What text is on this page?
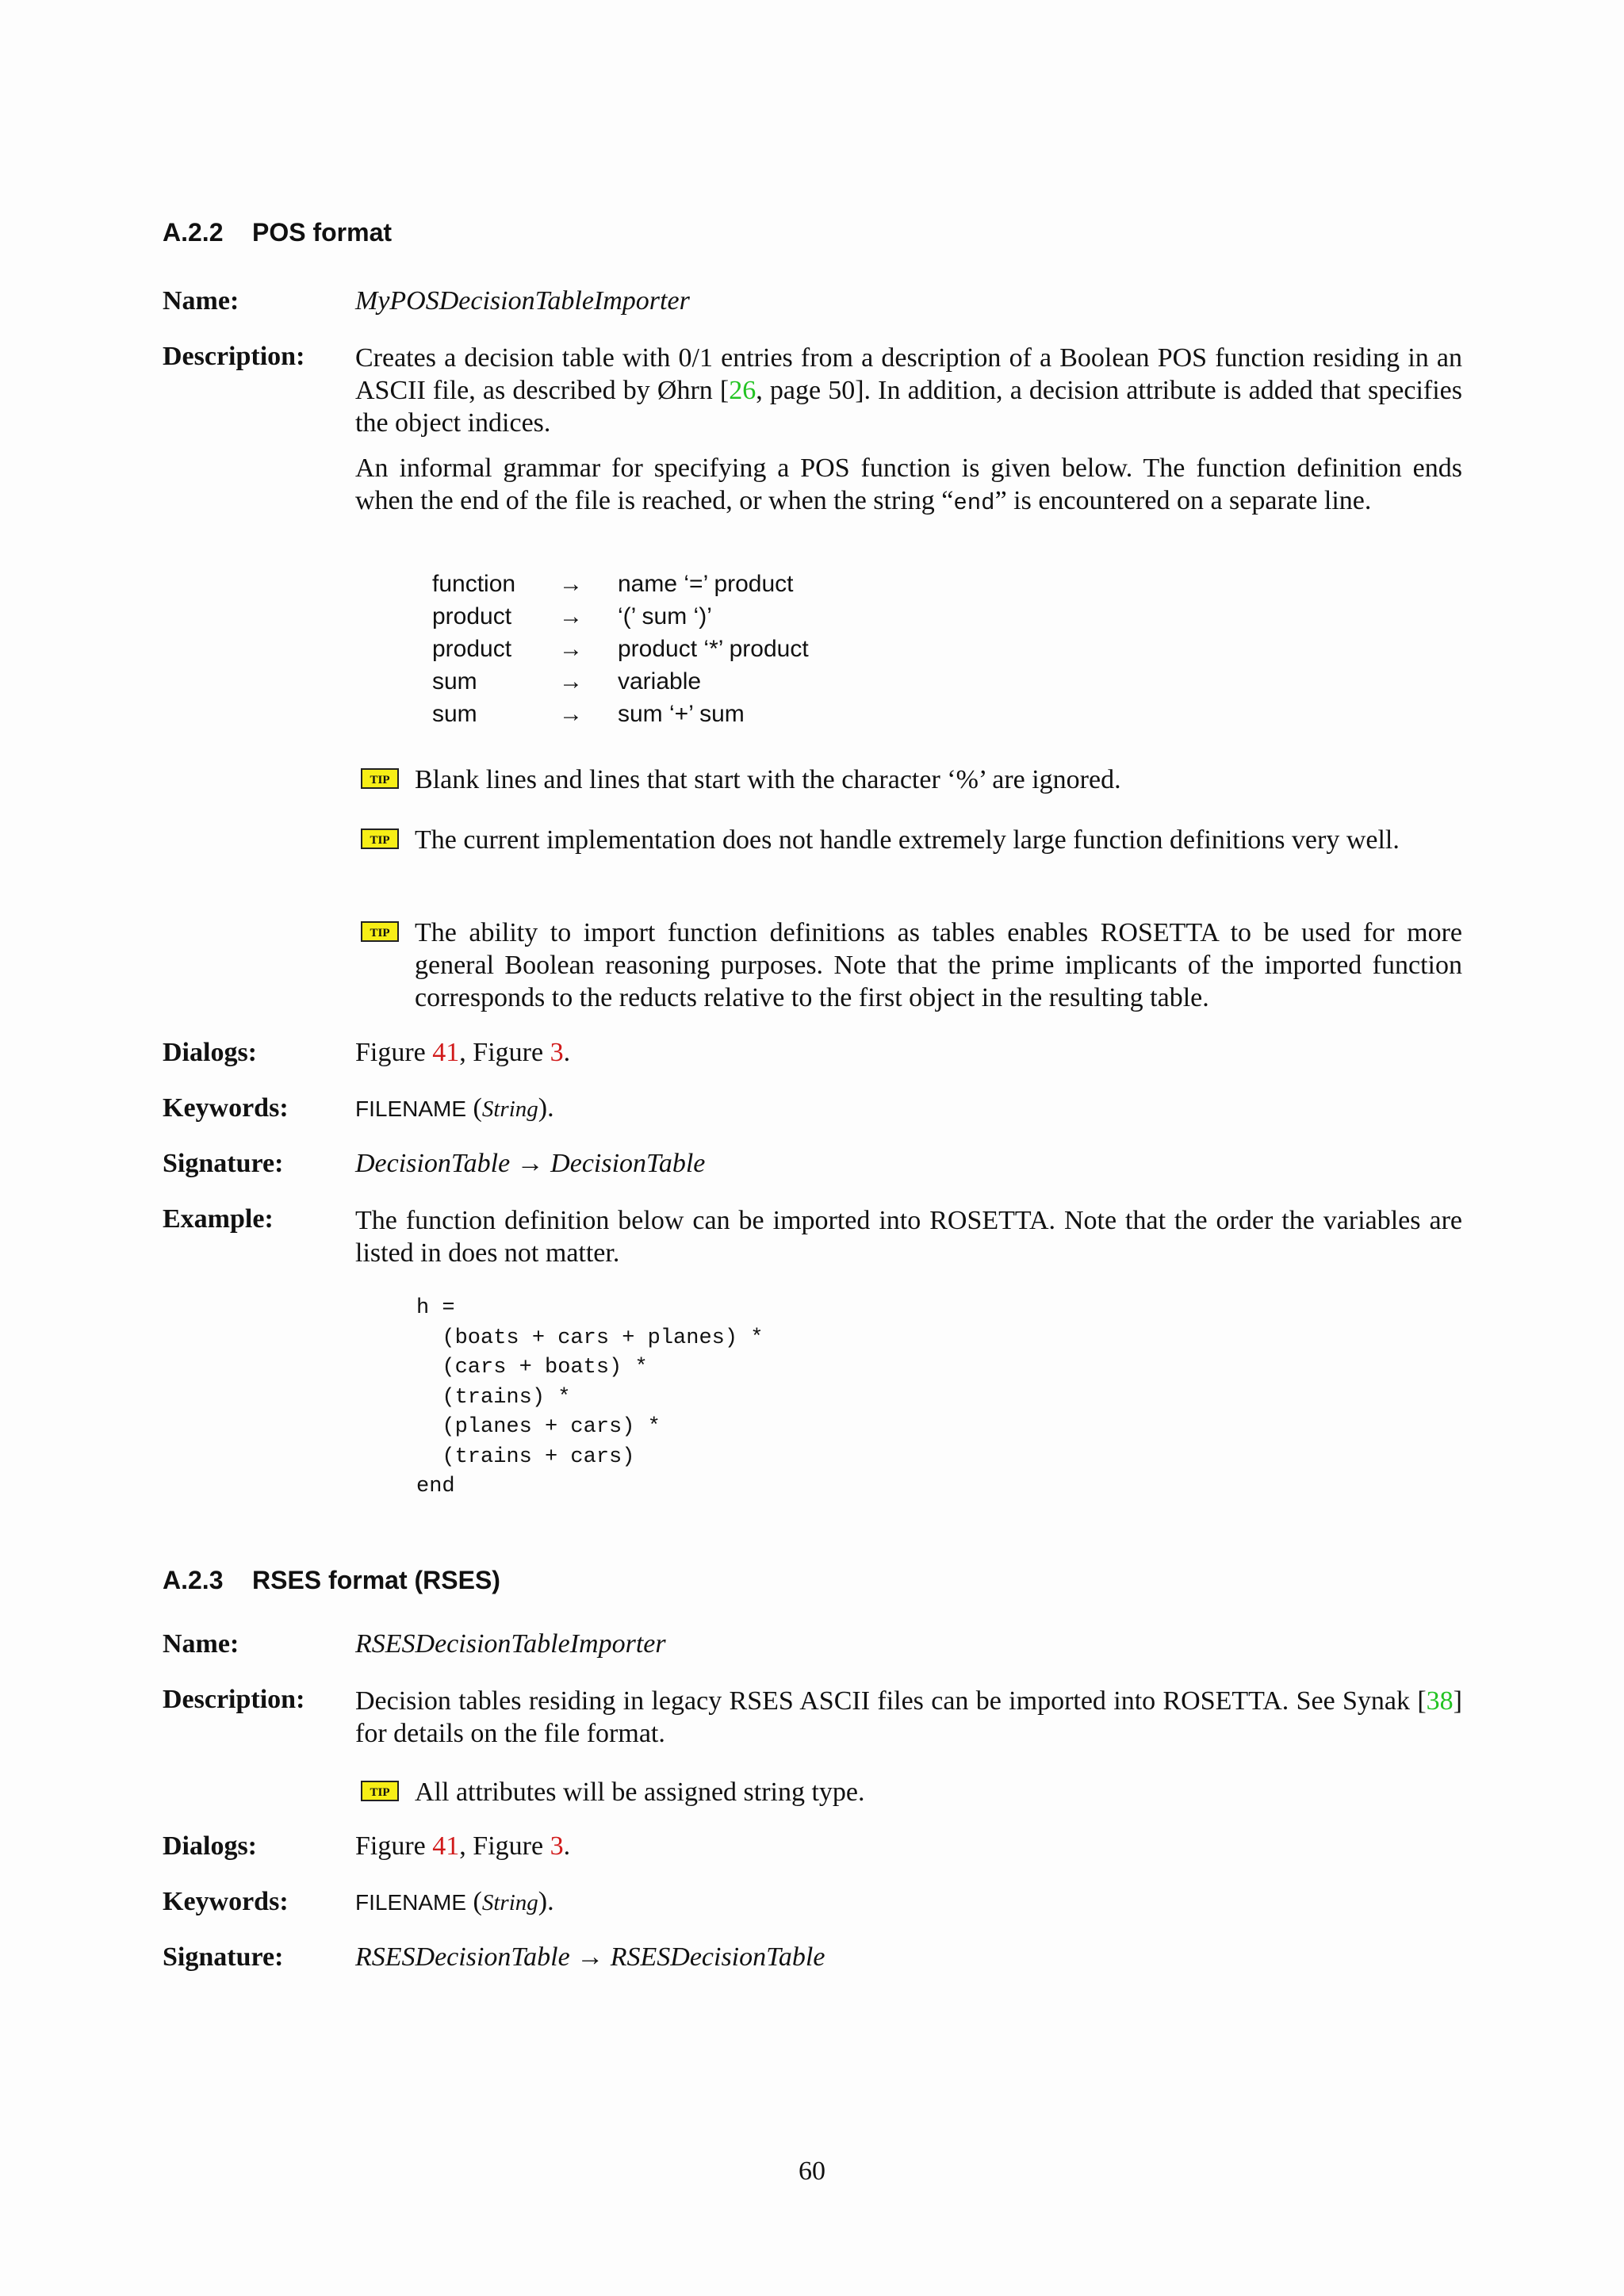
A.2.2 POS format
Name:	MyPOSDecisionTableImporter
Description: Creates a decision table with 0/1 entries from a description of a Boolean POS function residing in an ASCII file, as described by Øhrn [26, page 50]. In addition, a decision attribute is added that specifies the object indices.
An informal grammar for specifying a POS function is given below. The function definition ends when the end of the file is reached, or when the string “end” is encountered on a separate line.
function	→	name ‘=’ product
product	→	‘(’ sum ‘)’
product	→	product ‘*’ product
sum	→	variable
sum	→	sum ‘+’ sum
TIP Blank lines and lines that start with the character ‘%’ are ignored.
TIP The current implementation does not handle extremely large function definitions very well.
TIP The ability to import function definitions as tables enables ROSETTA to be used for more general Boolean reasoning purposes. Note that the prime implicants of the imported function corresponds to the reducts relative to the first object in the resulting table.
Dialogs:	Figure 41, Figure 3.
Keywords:	FILENAME (String).
Signature:	DecisionTable → DecisionTable
Example:	The function definition below can be imported into ROSETTA. Note that the order the variables are listed in does not matter.
h =
(boats + cars + planes) *
(cars + boats) *
(trains) *
(planes + cars) *
(trains + cars)
end
A.2.3 RSES format (RSES)
Name:	RSESDecisionTableImporter
Description: Decision tables residing in legacy RSES ASCII files can be imported into ROSETTA. See Synak [38] for details on the file format.
TIP All attributes will be assigned string type.
Dialogs:	Figure 41, Figure 3.
Keywords:	FILENAME (String).
Signature:	RSESDecisionTable → RSESDecisionTable
60
